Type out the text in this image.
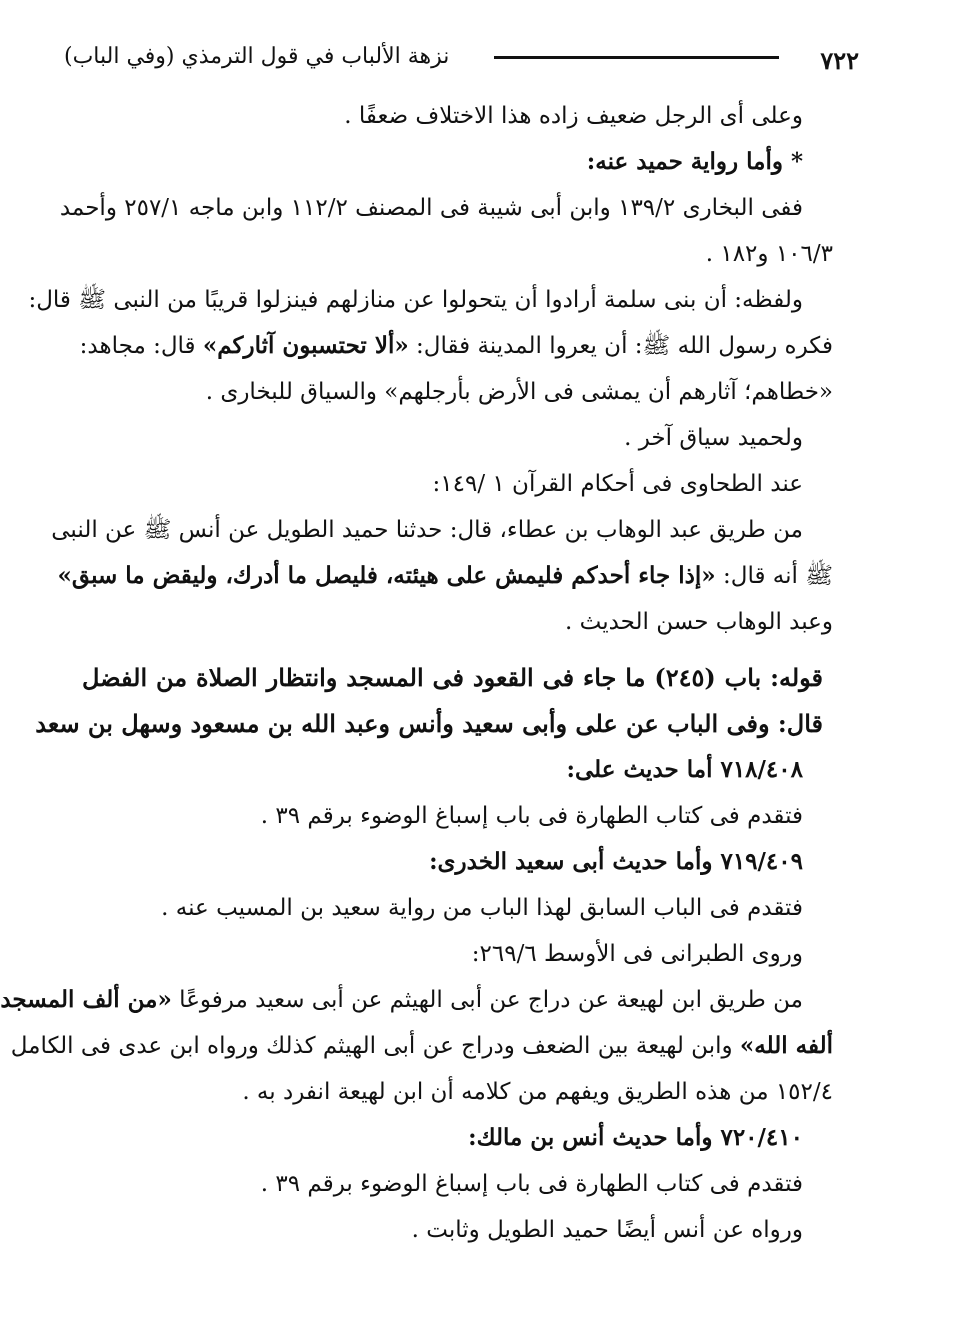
٧٢٢
نزهة الألباب في قول الترمذي (وفي الباب)
وعلى أى الرجل ضعيف زاده هذا الاختلاف ضعفًا .
* وأما رواية حميد عنه:
ففى البخارى ١٣٩/٢ وابن أبى شيبة فى المصنف ١١٢/٢ وابن ماجه ٢٥٧/١ وأحمد
١٠٦/٣ و١٨٢ .
ولفظه: أن بنى سلمة أرادوا أن يتحولوا عن منازلهم فينزلوا قريبًا من النبى ﷺ قال:
فكره رسول الله ﷺ: أن يعروا المدينة فقال: «ألا تحتسبون آثاركم» قال: مجاهد:
«خطاهم؛ آثارهم أن يمشى فى الأرض بأرجلهم» والسياق للبخارى .
ولحميد سياق آخر .
عند الطحاوى فى أحكام القرآن ١ /١٤٩:
من طريق عبد الوهاب بن عطاء، قال: حدثنا حميد الطويل عن أنس ﷺ عن النبى
ﷺ أنه قال: «إذا جاء أحدكم فليمش على هيئته، فليصل ما أدرك، وليقض ما سبق»
وعبد الوهاب حسن الحديث .
قوله: باب (٢٤٥) ما جاء فى القعود فى المسجد وانتظار الصلاة من الفضل
قال: وفى الباب عن على وأبى سعيد وأنس وعبد الله بن مسعود وسهل بن سعد
٧١٨/٤٠٨ أما حديث على:
فتقدم فى كتاب الطهارة فى باب إسباغ الوضوء برقم ٣٩ .
٧١٩/٤٠٩ وأما حديث أبى سعيد الخدرى:
فتقدم فى الباب السابق لهذا الباب من رواية سعيد بن المسيب عنه .
وروى الطبرانى فى الأوسط ٢٦٩/٦:
من طريق ابن لهيعة عن دراج عن أبى الهيثم عن أبى سعيد مرفوعًا «من ألف المسجد
ألفه الله» وابن لهيعة بين الضعف ودراج عن أبى الهيثم كذلك ورواه ابن عدى فى الكامل
١٥٢/٤ من هذه الطريق ويفهم من كلامه أن ابن لهيعة انفرد به .
٧٢٠/٤١٠ وأما حديث أنس بن مالك:
فتقدم فى كتاب الطهارة فى باب إسباغ الوضوء برقم ٣٩ .
ورواه عن أنس أيضًا حميد الطويل وثابت .
